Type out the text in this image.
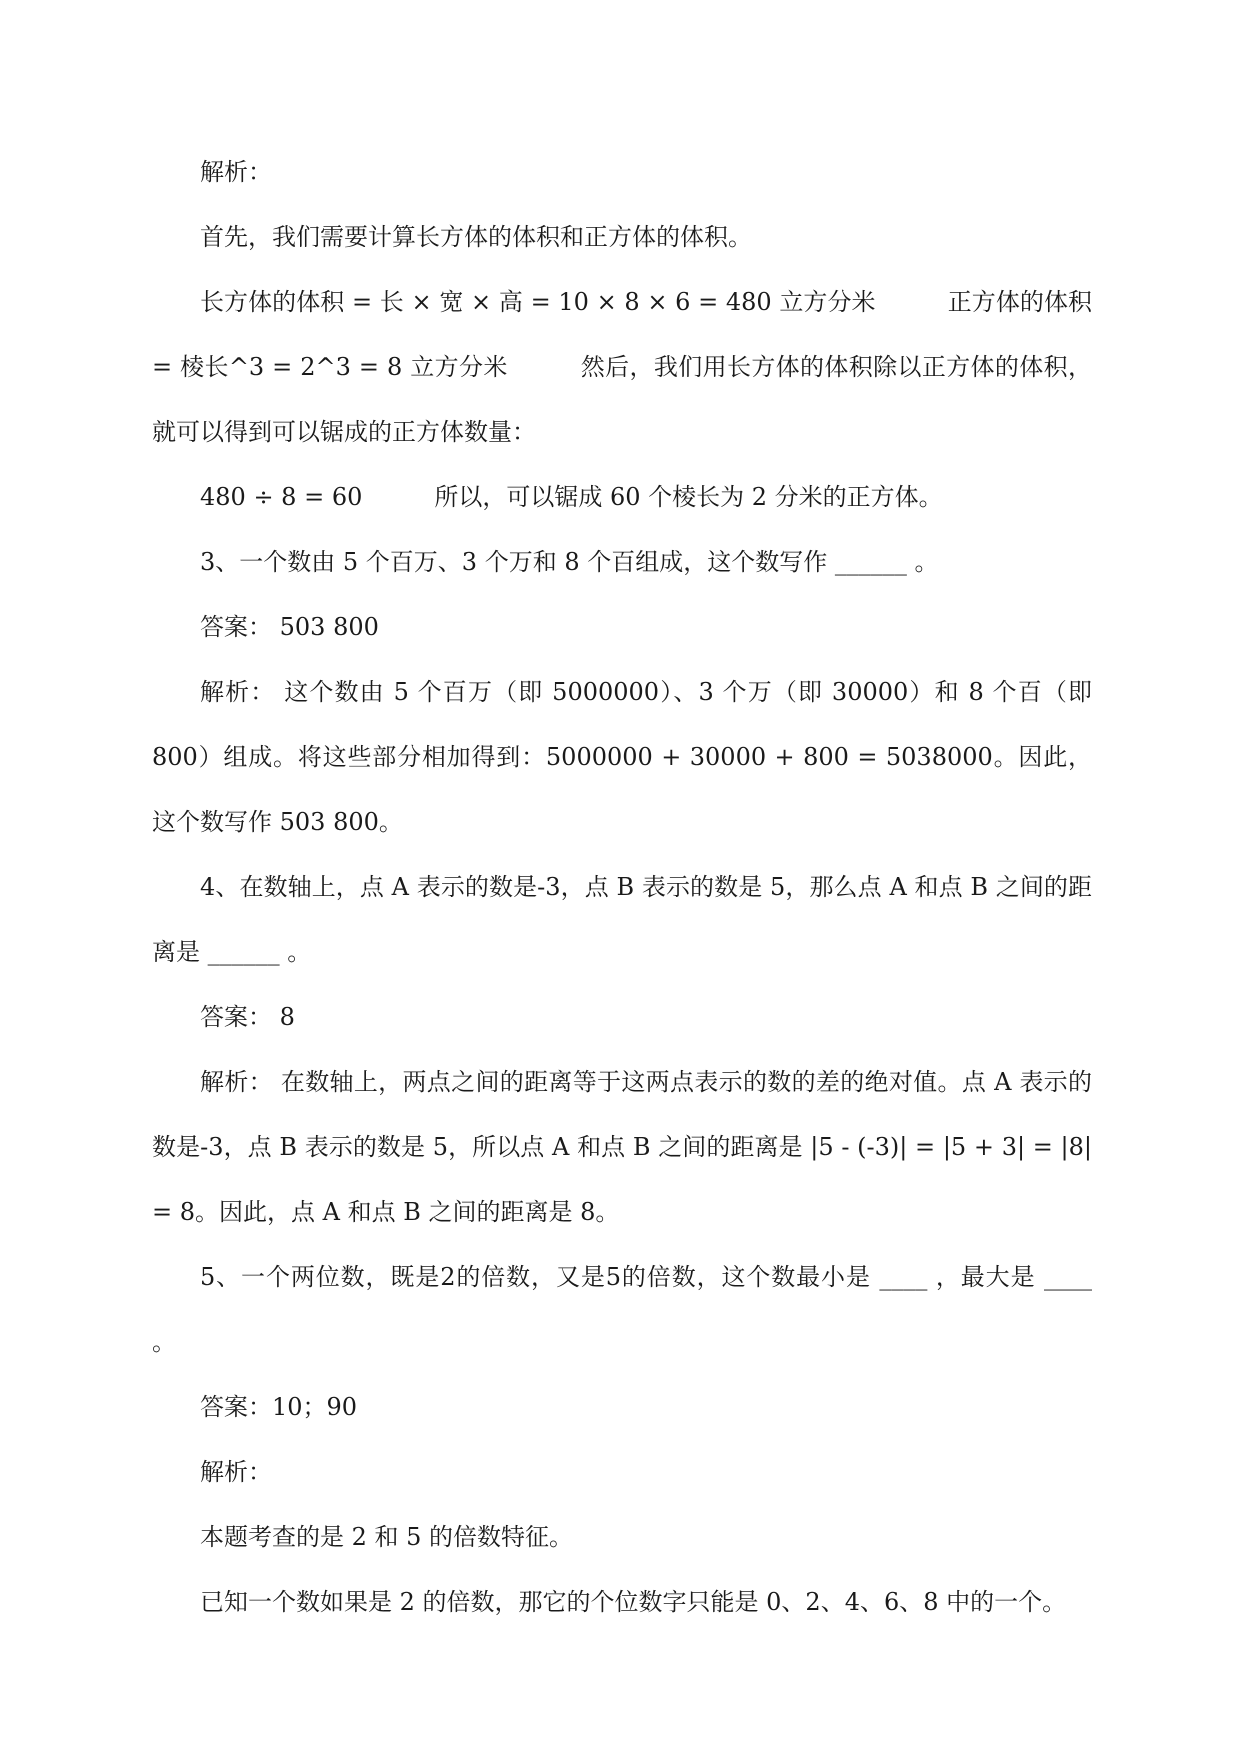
解析：

首先，我们需要计算长方体的体积和正方体的体积。

长方体的体积 = 长 × 宽 × 高 = 10 × 8 × 6 = 480 立方分米　　　正方体的体积 = 棱长^3 = 2^3 = 8 立方分米　　　然后，我们用长方体的体积除以正方体的体积，就可以得到可以锯成的正方体数量：

480 ÷ 8 = 60　　　所以，可以锯成 60 个棱长为 2 分米的正方体。

3、一个数由 5 个百万、3 个万和 8 个百组成，这个数写作 ______ 。

答案： 503 800

解析： 这个数由 5 个百万（即 5000000）、3 个万（即 30000）和 8 个百（即 800）组成。将这些部分相加得到：5000000 + 30000 + 800 = 5038000。因此，这个数写作 503 800。

4、在数轴上，点 A 表示的数是-3，点 B 表示的数是 5，那么点 A 和点 B 之间的距离是 ______ 。

答案： 8

解析： 在数轴上，两点之间的距离等于这两点表示的数的差的绝对值。点 A 表示的数是-3，点 B 表示的数是 5，所以点 A 和点 B 之间的距离是 |5 - (-3)| = |5 + 3| = |8| = 8。因此，点 A 和点 B 之间的距离是 8。

5、一个两位数，既是2的倍数，又是5的倍数，这个数最小是 ____ ，最大是 ____ 。

答案：10；90

解析：

本题考查的是 2 和 5 的倍数特征。

已知一个数如果是 2 的倍数，那它的个位数字只能是 0、2、4、6、8 中的一个。
